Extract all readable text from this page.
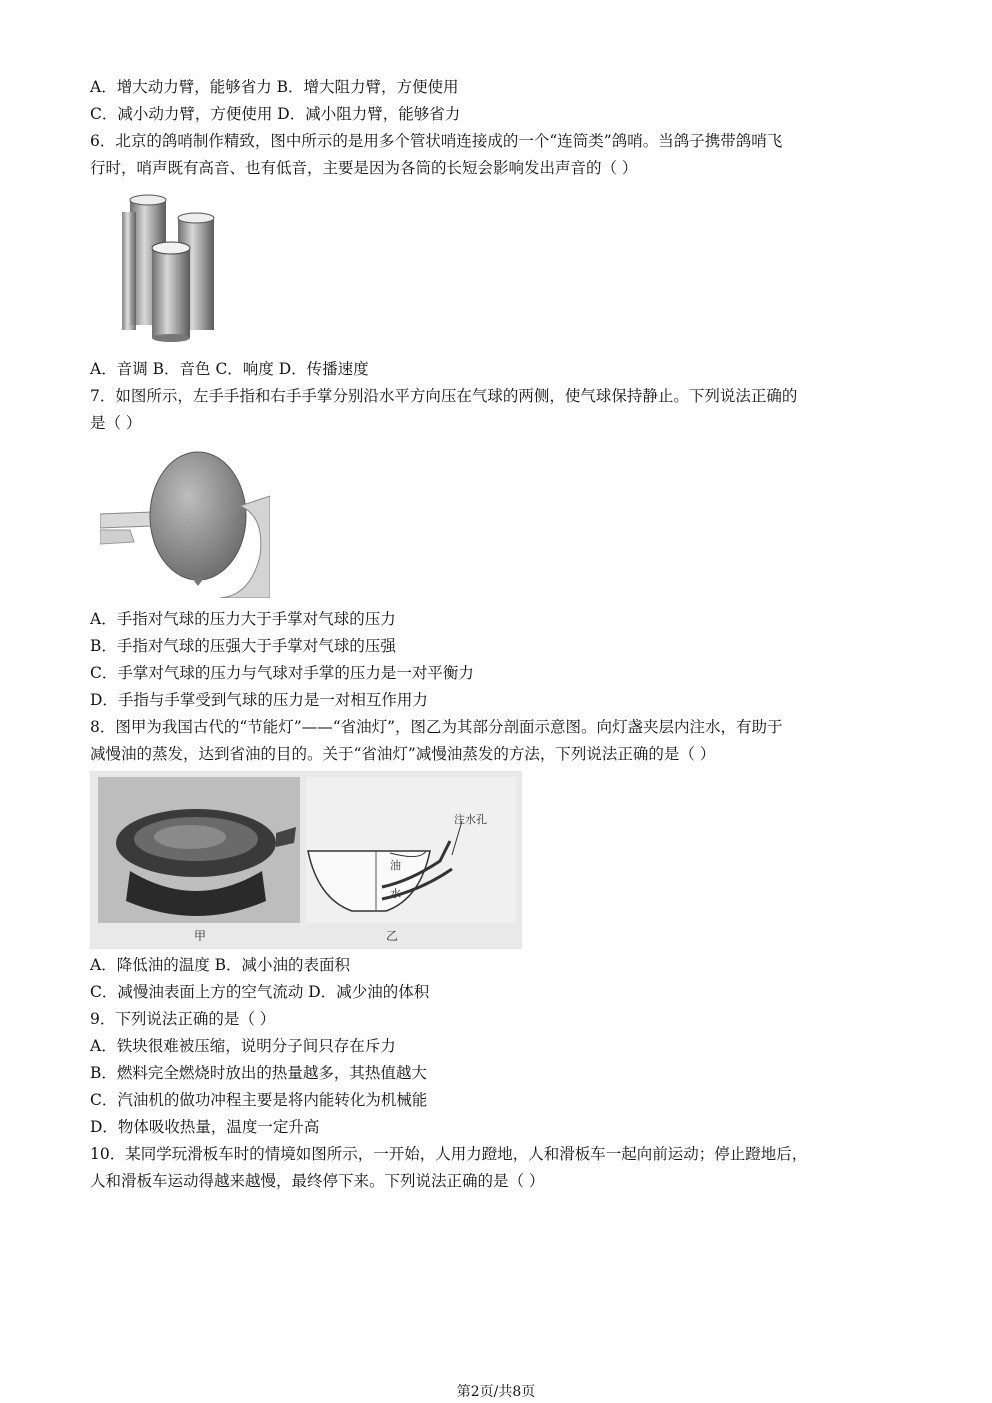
A．增大动力臂，能够省力 B．增大阻力臂，方便使用
C．减小动力臂，方便使用 D．减小阻力臂，能够省力
6．北京的鸽哨制作精致，图中所示的是用多个管状哨连接成的一个“连筒类”鸽哨。当鸽子携带鸽哨飞
行时，哨声既有高音、也有低音，主要是因为各筒的长短会影响发出声音的（ ）
A．音调 B．音色 C．响度 D．传播速度
7．如图所示，左手手指和右手手掌分别沿水平方向压在气球的两侧，使气球保持静止。下列说法正确的
是（ ）
A．手指对气球的压力大于手掌对气球的压力
B．手指对气球的压强大于手掌对气球的压强
C．手掌对气球的压力与气球对手掌的压力是一对平衡力
D．手指与手掌受到气球的压力是一对相互作用力
8．图甲为我国古代的“节能灯”——“省油灯”，图乙为其部分剖面示意图。向灯盏夹层内注水，有助于
减慢油的蒸发，达到省油的目的。关于“省油灯”减慢油蒸发的方法，下列说法正确的是（ ）
甲	乙
注水孔
油
水
A．降低油的温度 B．减小油的表面积
C．减慢油表面上方的空气流动 D．减少油的体积
9．下列说法正确的是（ ）
A．铁块很难被压缩，说明分子间只存在斥力
B．燃料完全燃烧时放出的热量越多，其热值越大
C．汽油机的做功冲程主要是将内能转化为机械能
D．物体吸收热量，温度一定升高
10．某同学玩滑板车时的情境如图所示，一开始，人用力蹬地，人和滑板车一起向前运动；停止蹬地后，
人和滑板车运动得越来越慢，最终停下来。下列说法正确的是（ ）
第2页/共8页
